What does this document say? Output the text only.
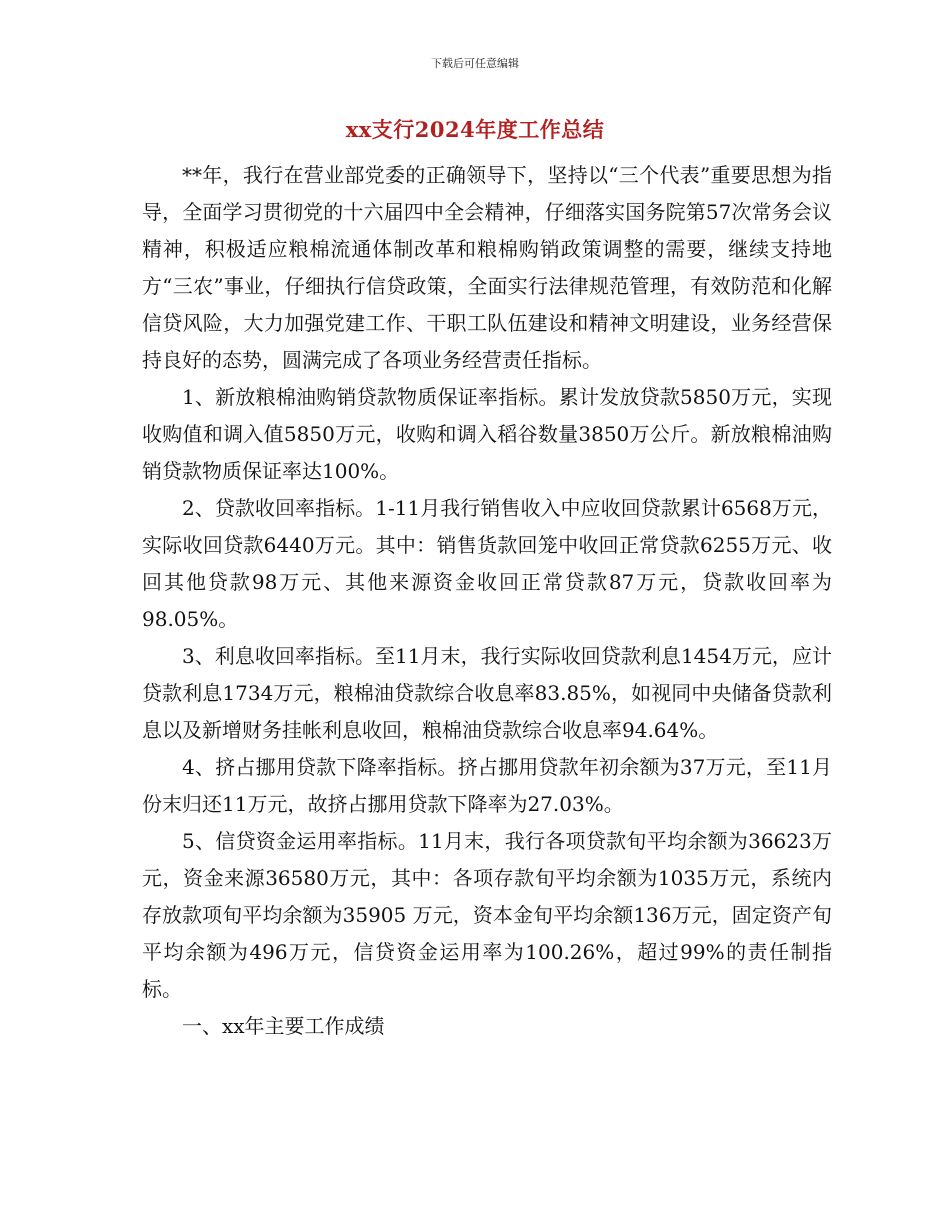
下载后可任意编辑
xx支行2024年度工作总结

**年，我行在营业部党委的正确领导下，坚持以“三个代表”重要思想为指导，全面学习贯彻党的十六届四中全会精神，仔细落实国务院第57次常务会议精神，积极适应粮棉流通体制改革和粮棉购销政策调整的需要，继续支持地方“三农”事业，仔细执行信贷政策，全面实行法律规范管理，有效防范和化解信贷风险，大力加强党建工作、干职工队伍建设和精神文明建设，业务经营保持良好的态势，圆满完成了各项业务经营责任指标。

1、新放粮棉油购销贷款物质保证率指标。累计发放贷款5850万元，实现收购值和调入值5850万元，收购和调入稻谷数量3850万公斤。新放粮棉油购销贷款物质保证率达100%。

2、贷款收回率指标。1-11月我行销售收入中应收回贷款累计6568万元，实际收回贷款6440万元。其中：销售货款回笼中收回正常贷款6255万元、收回其他贷款98万元、其他来源资金收回正常贷款87万元，贷款收回率为98.05%。

3、利息收回率指标。至11月末，我行实际收回贷款利息1454万元，应计贷款利息1734万元，粮棉油贷款综合收息率83.85%，如视同中央储备贷款利息以及新增财务挂帐利息收回，粮棉油贷款综合收息率94.64%。

4、挤占挪用贷款下降率指标。挤占挪用贷款年初余额为37万元，至11月份末归还11万元，故挤占挪用贷款下降率为27.03%。

5、信贷资金运用率指标。11月末，我行各项贷款旬平均余额为36623万元，资金来源36580万元，其中：各项存款旬平均余额为1035万元，系统内存放款项旬平均余额为35905 万元，资本金旬平均余额136万元，固定资产旬平均余额为496万元，信贷资金运用率为100.26%，超过99%的责任制指标。

一、xx年主要工作成绩
